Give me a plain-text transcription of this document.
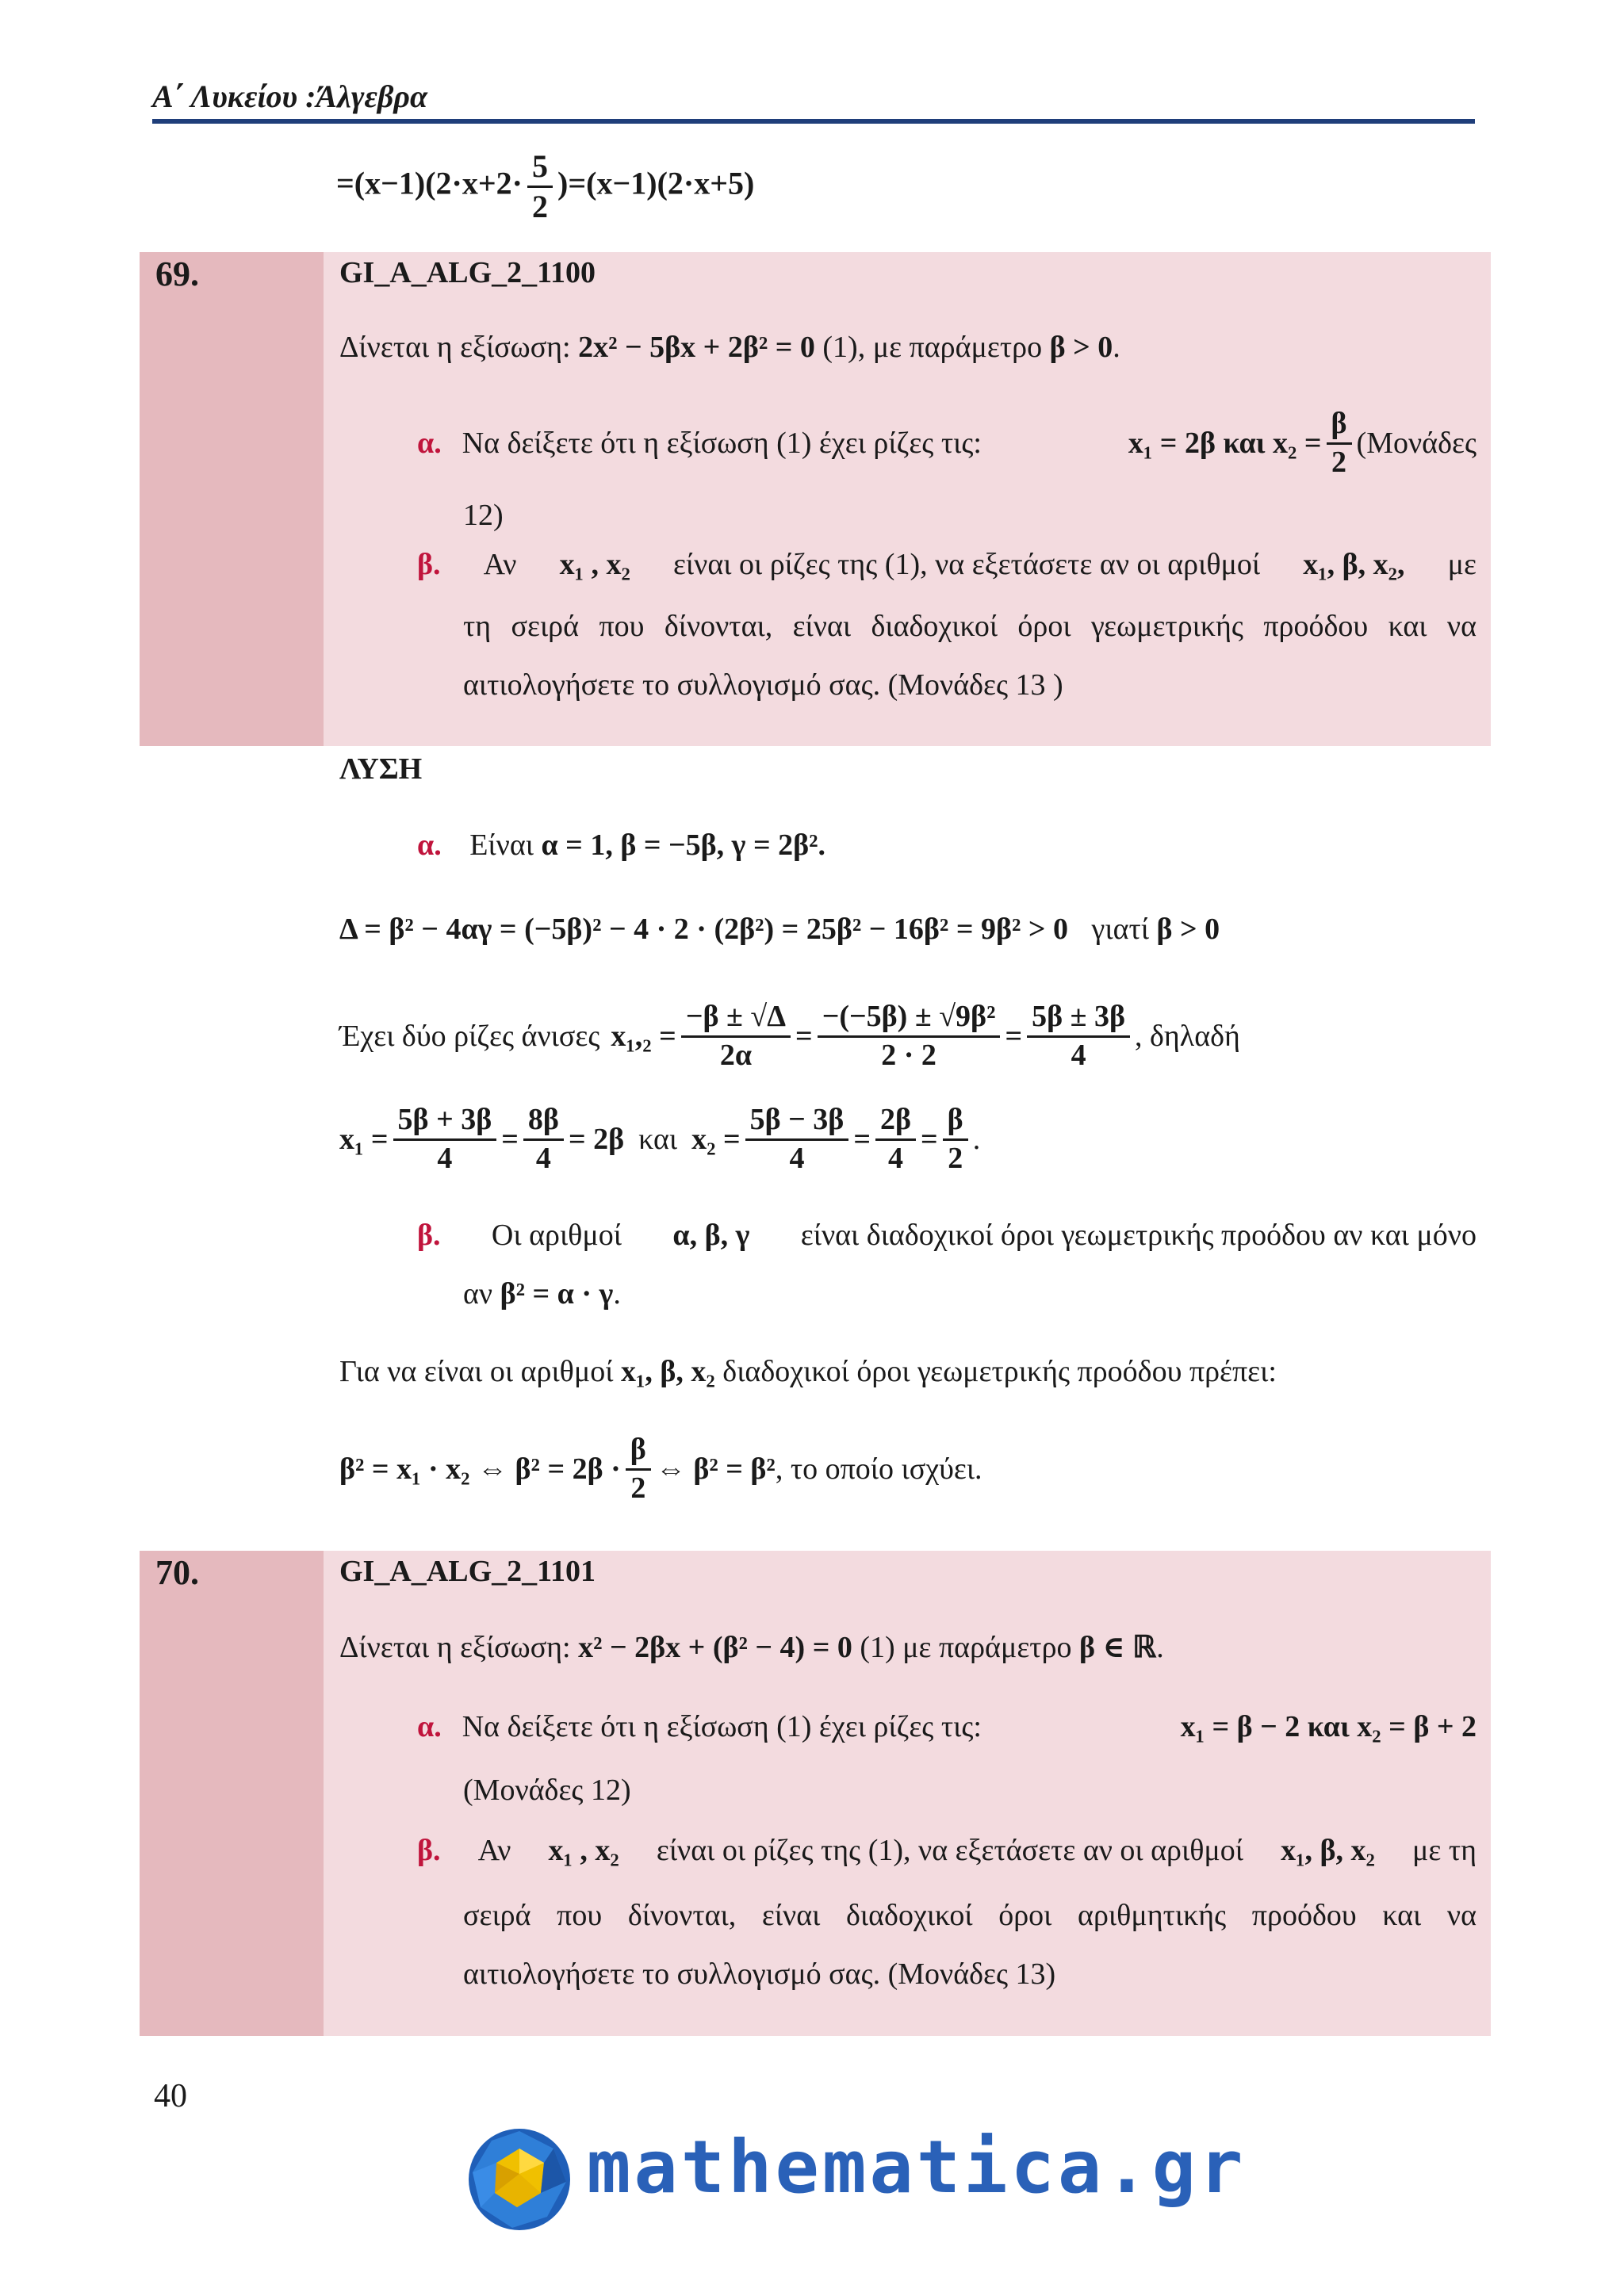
Α΄ Λυκείου :Άλγεβρα
$=(x-1)(2\cdot x+2\cdot \frac{5}{2} )=(x-1)(2\cdot x+5)$
69.	GI_A_ALG_2_1100
Δίνεται η εξίσωση: 2x² − 5βx + 2β² = 0 (1), με παράμετρο β > 0.
α. Να δείξετε ότι η εξίσωση (1) έχει ρίζες τις:	x₁ = 2β και $x_2 = \frac{\beta}{2} (Mo\nu ά\delta\varepsilon\varsigma$
12)
β. Αν x₁ , x₂ είναι οι ρίζες της (1), να εξετάσετε αν οι αριθμοί x₁, β, x₂, με
τη σειρά που δίνονται, είναι διαδοχικοί όροι γεωμετρικής προόδου και να
αιτιολογήσετε το συλλογισμό σας. (Μονάδες 13 )
ΛΥΣΗ
α. Είναι α = 1, β = −5β, γ = 2β².
Δ = β² − 4αγ = (−5β)² − 4 · 2 · (2β²) = 25β² − 16β² = 9β² > 0 γιατί β > 0
Έχει δύο ρίζες άνισες $x_1,_2 = \frac{-\beta \pm √\Delta}{2\alpha} = \frac{\text{−(−5β) ± √9β²}}{2 \cdot 2} = \frac{5\beta \pm 3\beta}{4}$ , δηλαδή
$x_1 = \frac{5\beta + 3\beta}{4} = \frac{8\beta}{4} = 2\beta$ και $x_2 = \frac{5\beta - 3\beta}{4} = \frac{2\beta}{4} = \frac{\beta}{2}$ .
β. Οι αριθμοί α, β, γ είναι διαδοχικοί όροι γεωμετρικής προόδου αν και μόνο
αν β² = α · γ.
Για να είναι οι αριθμοί x₁, β, x₂ διαδοχικοί όροι γεωμετρικής προόδου πρέπει:
β² = x₁ · x₂ ⇔ $\beta^2 = 2\beta \cdot \frac{\beta}{2}$ ⇔ β² = β² , το οποίο ισχύει.
70.	GI_A_ALG_2_1101
Δίνεται η εξίσωση: x² − 2βx + (β² − 4) = 0 (1) με παράμετρο β ∈ ℝ.
α. Να δείξετε ότι η εξίσωση (1) έχει ρίζες τις:	x₁ = β − 2 και x₂ = β + 2
(Μονάδες 12)
β. Αν x₁ , x₂ είναι οι ρίζες της (1), να εξετάσετε αν οι αριθμοί x₁, β, x₂ με τη
σειρά που δίνονται, είναι διαδοχικοί όροι αριθμητικής προόδου και να
αιτιολογήσετε το συλλογισμό σας. (Μονάδες 13)
40
mathematica.gr
